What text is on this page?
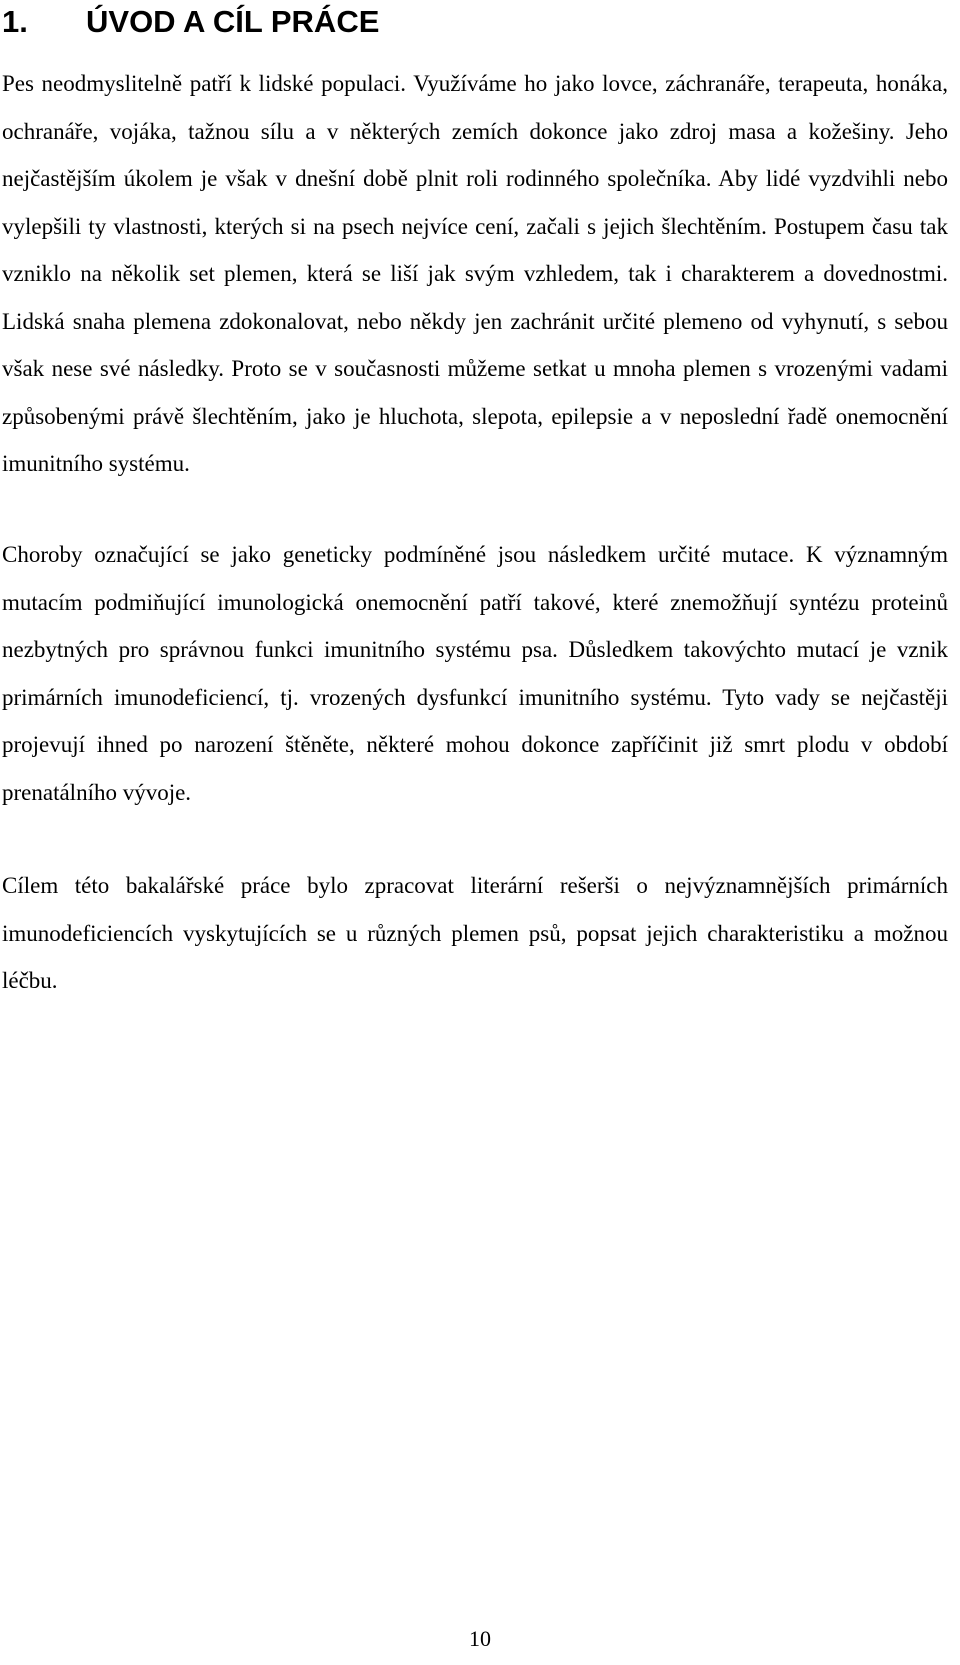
1. ÚVOD A CÍL PRÁCE

Pes neodmyslitelně patří k lidské populaci. Využíváme ho jako lovce, záchranáře, terapeuta, honáka, ochranáře, vojáka, tažnou sílu a v některých zemích dokonce jako zdroj masa a kožešiny. Jeho nejčastějším úkolem je však v dnešní době plnit roli rodinného společníka. Aby lidé vyzdvihli nebo vylepšili ty vlastnosti, kterých si na psech nejvíce cení, začali s jejich šlechtěním. Postupem času tak vzniklo na několik set plemen, která se liší jak svým vzhledem, tak i charakterem a dovednostmi. Lidská snaha plemena zdokonalovat, nebo někdy jen zachránit určité plemeno od vyhynutí, s sebou však nese své následky. Proto se v současnosti můžeme setkat u mnoha plemen s vrozenými vadami způsobenými právě šlechtěním, jako je hluchota, slepota, epilepsie a v neposlední řadě onemocnění imunitního systému.

Choroby označující se jako geneticky podmíněné jsou následkem určité mutace. K významným mutacím podmiňující imunologická onemocnění patří takové, které znemožňují syntézu proteinů nezbytných pro správnou funkci imunitního systému psa. Důsledkem takovýchto mutací je vznik primárních imunodeficiencí, tj. vrozených dysfunkcí imunitního systému. Tyto vady se nejčastěji projevují ihned po narození štěněte, některé mohou dokonce zapříčinit již smrt plodu v období prenatálního vývoje.

Cílem této bakalářské práce bylo zpracovat literární rešerši o nejvýznamnějších primárních imunodeficiencích vyskytujících se u různých plemen psů, popsat jejich charakteristiku a možnou léčbu.

10
